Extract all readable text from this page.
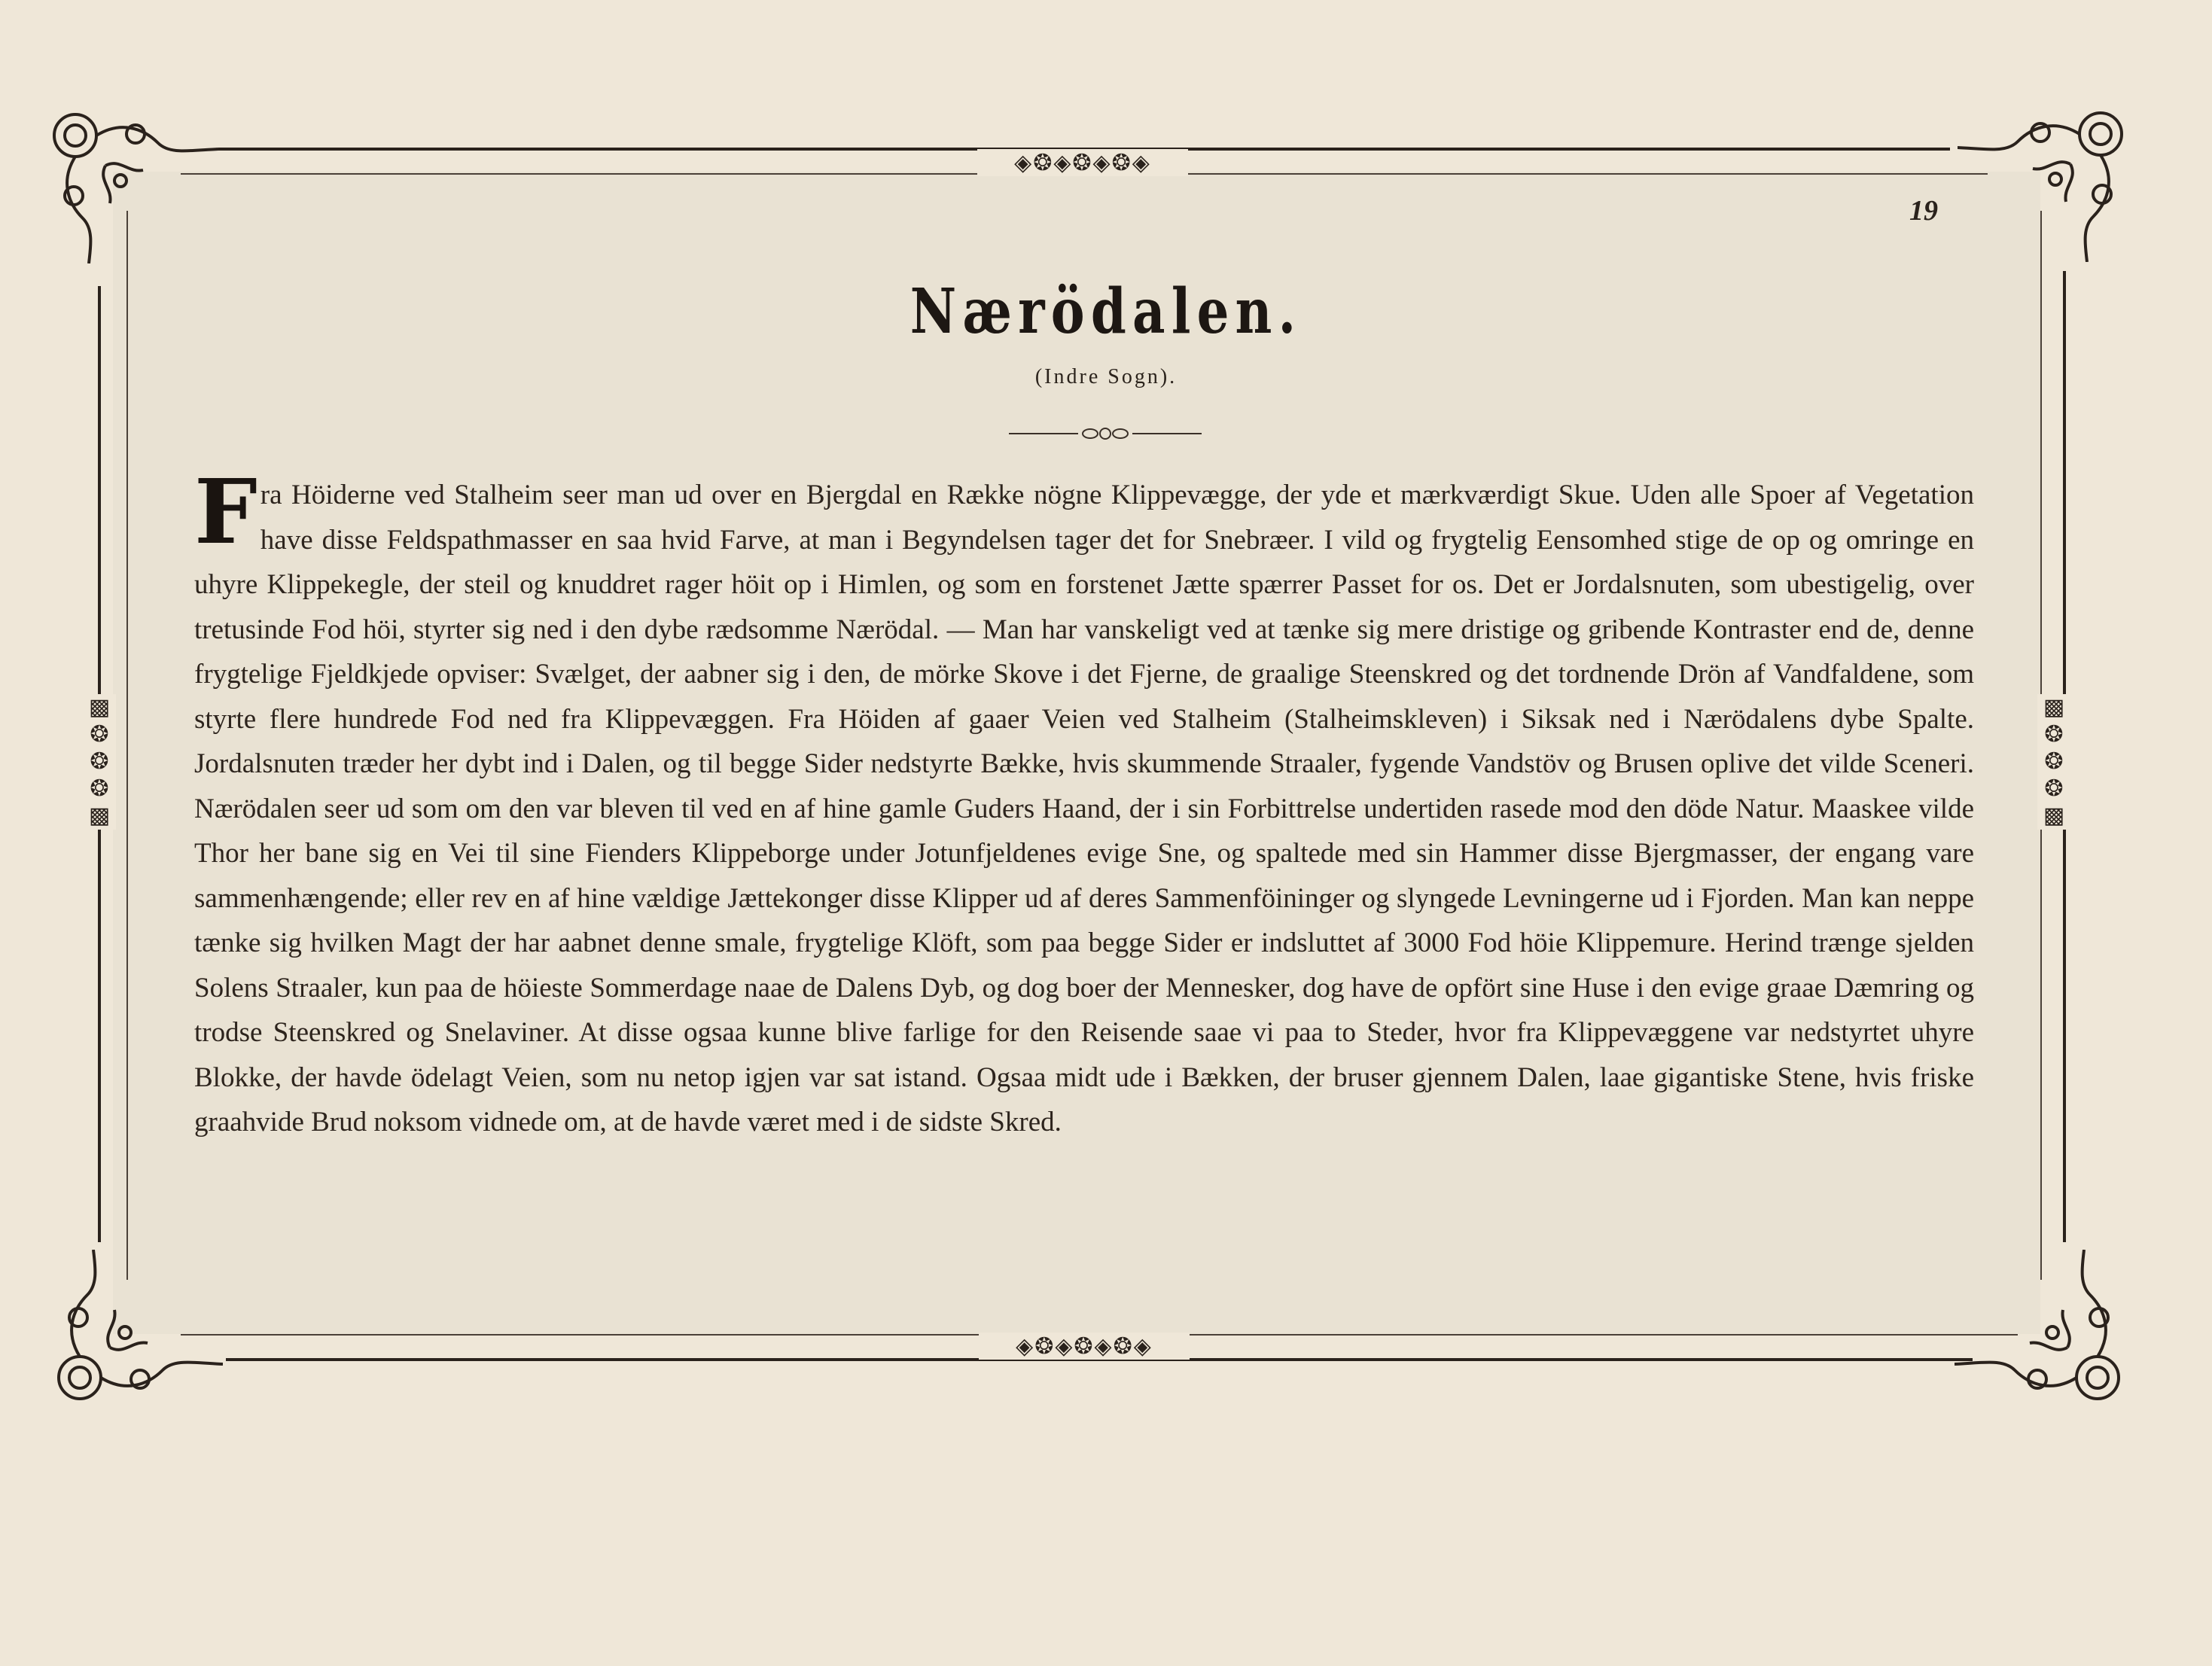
◈❂◈❂◈❂◈
◈❂◈❂◈❂◈
▩
❂
❂
❂
▩
▩
❂
❂
❂
▩
19
Nærödalen.
(Indre Sogn).
Fra Höiderne ved Stalheim seer man ud over en Bjergdal en Række nögne Klippevægge, der yde et mærkværdigt Skue. Uden alle Spoer af Vegetation have disse Feldspathmasser en saa hvid Farve, at man i Begyndelsen tager det for Snebræer. I vild og frygtelig Eensomhed stige de op og omringe en uhyre Klippekegle, der steil og knuddret rager höit op i Himlen, og som en forstenet Jætte spærrer Passet for os. Det er Jordalsnuten, som ubestigelig, over tretusinde Fod höi, styrter sig ned i den dybe rædsomme Nærödal. — Man har vanskeligt ved at tænke sig mere dristige og gribende Kontraster end de, denne frygtelige Fjeldkjede opviser: Svælget, der aabner sig i den, de mörke Skove i det Fjerne, de graalige Steenskred og det tordnende Drön af Vandfaldene, som styrte flere hundrede Fod ned fra Klippevæggen. Fra Höiden af gaaer Veien ved Stalheim (Stalheimskleven) i Siksak ned i Nærödalens dybe Spalte. Jordalsnuten træder her dybt ind i Dalen, og til begge Sider nedstyrte Bække, hvis skummende Straaler, fygende Vandstöv og Brusen oplive det vilde Sceneri. Nærödalen seer ud som om den var bleven til ved en af hine gamle Guders Haand, der i sin Forbittrelse undertiden rasede mod den döde Natur. Maaskee vilde Thor her bane sig en Vei til sine Fienders Klippeborge under Jotunfjeldenes evige Sne, og spaltede med sin Hammer disse Bjergmasser, der engang vare sammenhængende; eller rev en af hine vældige Jættekonger disse Klipper ud af deres Sammenföininger og slyngede Levningerne ud i Fjorden. Man kan neppe tænke sig hvilken Magt der har aabnet denne smale, frygtelige Klöft, som paa begge Sider er indsluttet af 3000 Fod höie Klippemure. Herind trænge sjelden Solens Straaler, kun paa de höieste Sommerdage naae de Dalens Dyb, og dog boer der Mennesker, dog have de opfört sine Huse i den evige graae Dæmring og trodse Steenskred og Snelaviner. At disse ogsaa kunne blive farlige for den Reisende saae vi paa to Steder, hvor fra Klippevæggene var nedstyrtet uhyre Blokke, der havde ödelagt Veien, som nu netop igjen var sat istand. Ogsaa midt ude i Bækken, der bruser gjennem Dalen, laae gigantiske Stene, hvis friske graahvide Brud noksom vidnede om, at de havde været med i de sidste Skred.
